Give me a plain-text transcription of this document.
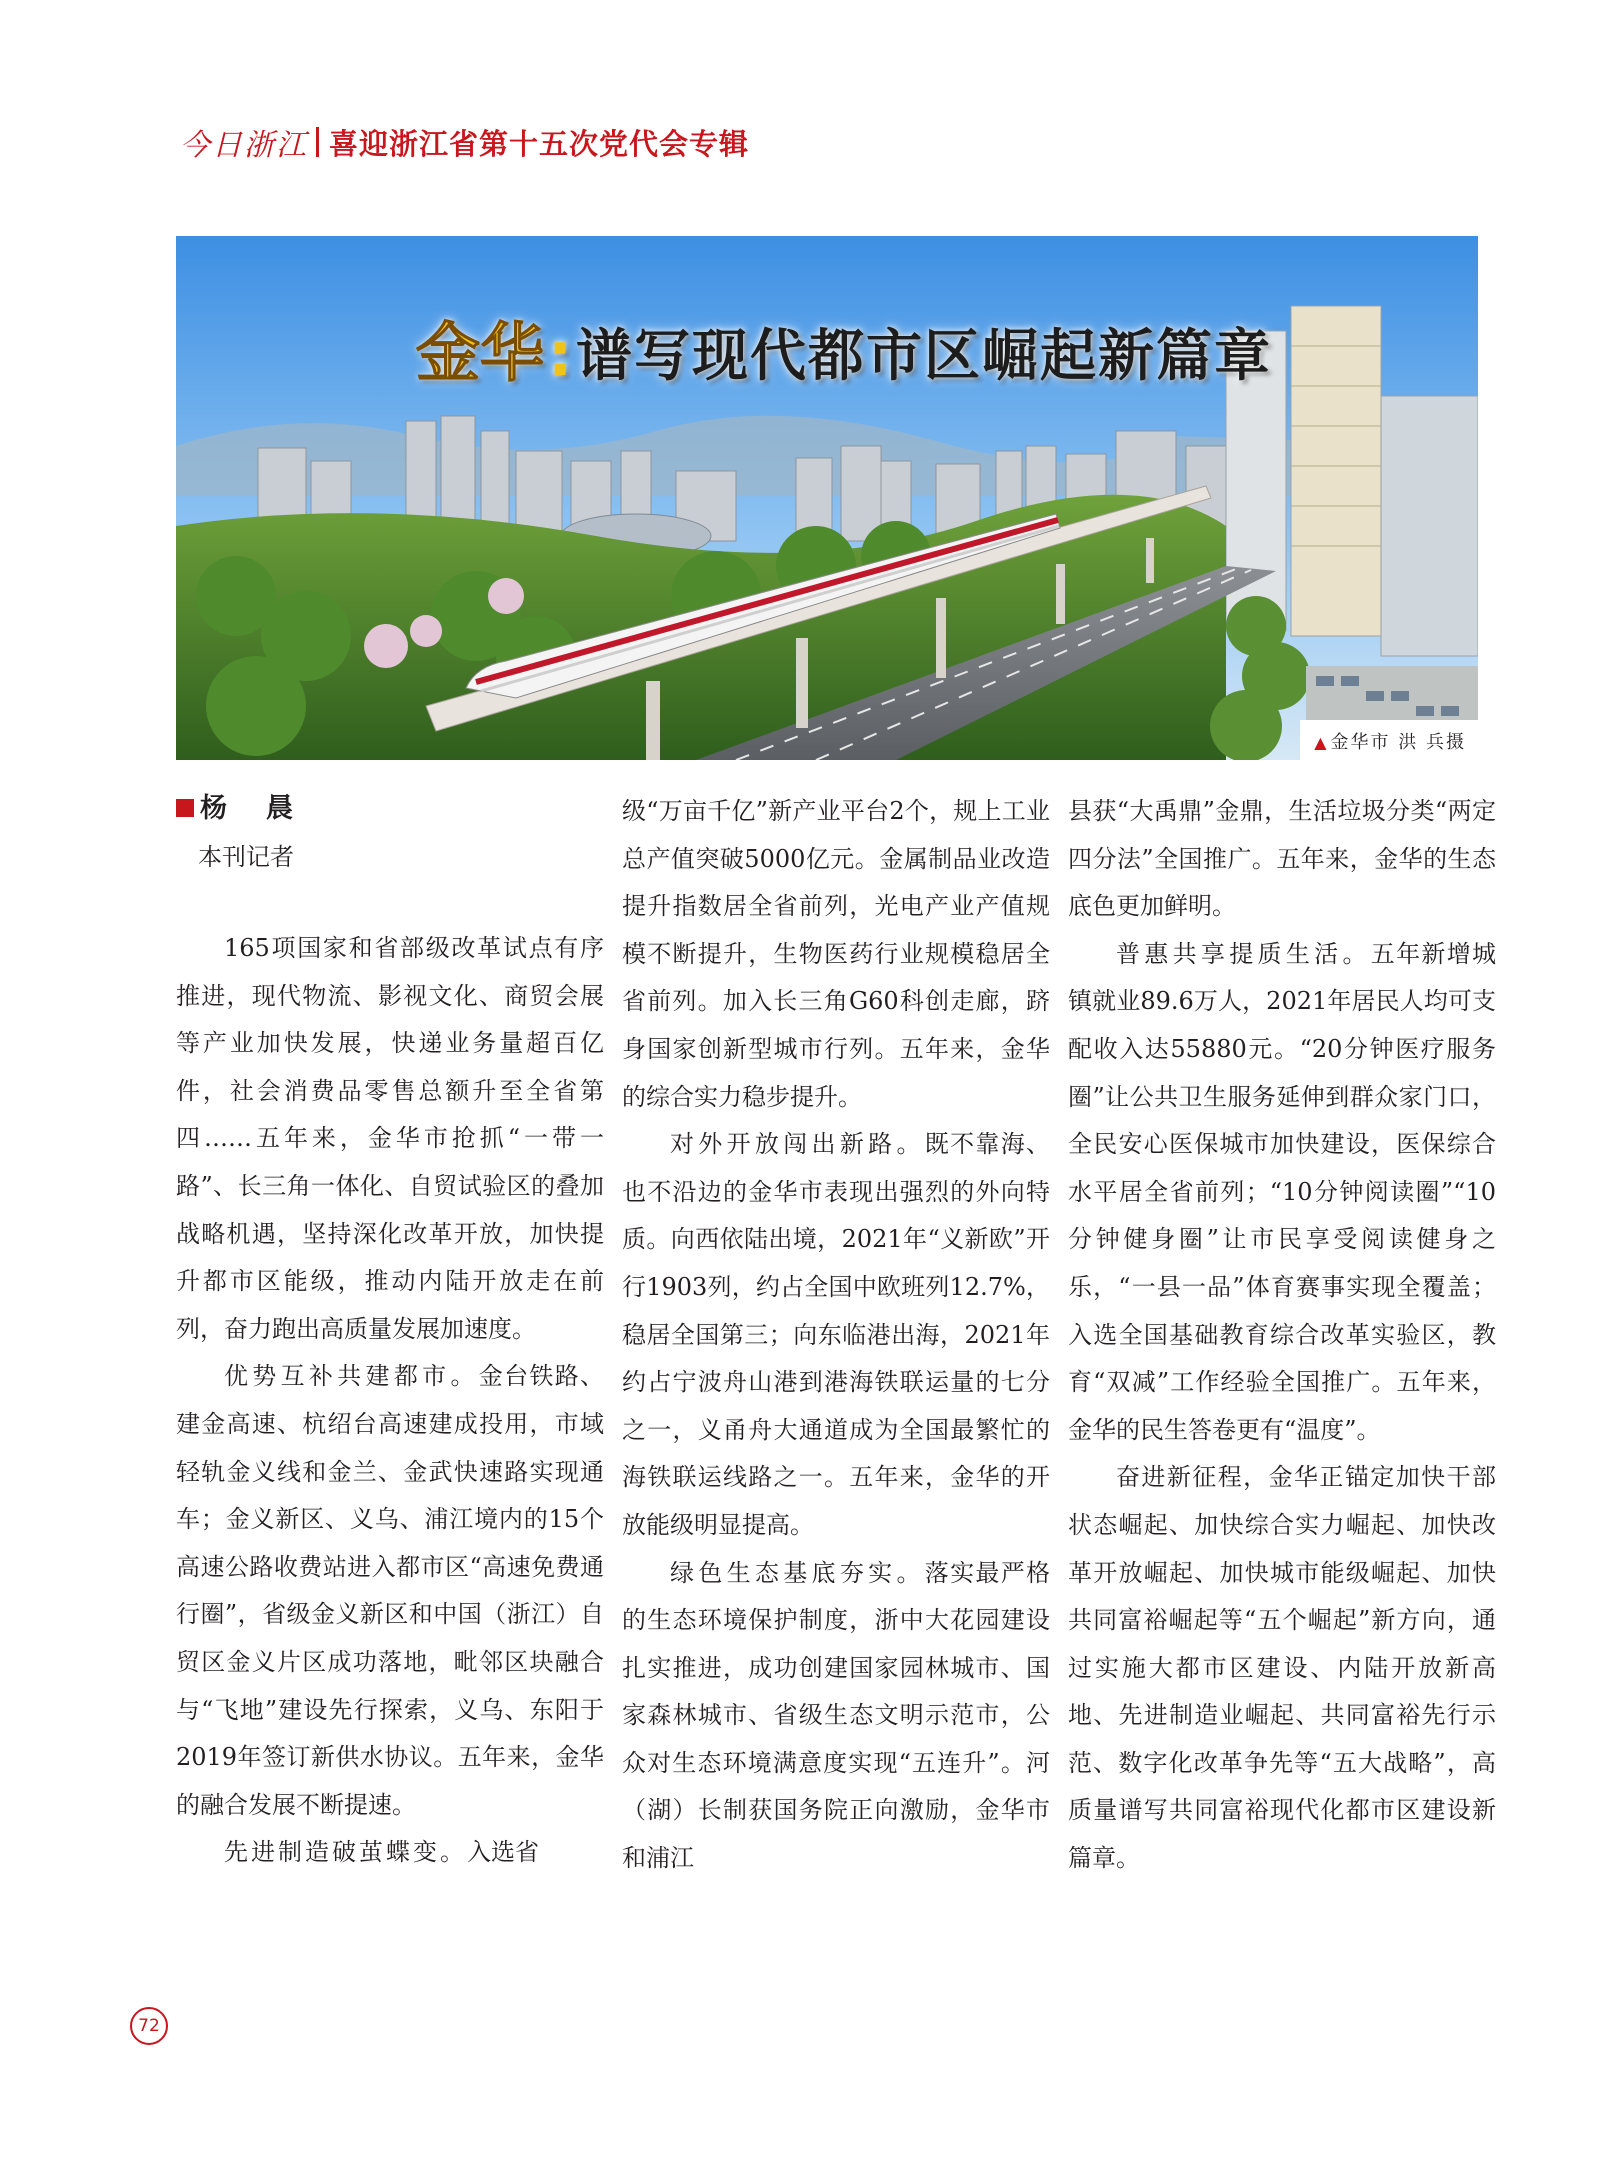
今日浙江 喜迎浙江省第十五次党代会专辑
金华:谱写现代都市区崛起新篇章
▲ 金华市 洪 兵摄
杨　晨
本刊记者

165项国家和省部级改革试点有序推进，现代物流、影视文化、商贸会展等产业加快发展，快递业务量超百亿件，社会消费品零售总额升至全省第四……五年来，金华市抢抓“一带一路”、长三角一体化、自贸试验区的叠加战略机遇，坚持深化改革开放，加快提升都市区能级，推动内陆开放走在前列，奋力跑出高质量发展加速度。

优势互补共建都市。金台铁路、建金高速、杭绍台高速建成投用，市域轻轨金义线和金兰、金武快速路实现通车；金义新区、义乌、浦江境内的15个高速公路收费站进入都市区“高速免费通行圈”，省级金义新区和中国（浙江）自贸区金义片区成功落地，毗邻区块融合与“飞地”建设先行探索，义乌、东阳于2019年签订新供水协议。五年来，金华的融合发展不断提速。

先进制造破茧蝶变。入选省

级“万亩千亿”新产业平台2个，规上工业总产值突破5000亿元。金属制品业改造提升指数居全省前列，光电产业产值规模不断提升，生物医药行业规模稳居全省前列。加入长三角G60科创走廊，跻身国家创新型城市行列。五年来，金华的综合实力稳步提升。

对外开放闯出新路。既不靠海、也不沿边的金华市表现出强烈的外向特质。向西依陆出境，2021年“义新欧”开行1903列，约占全国中欧班列12.7%，稳居全国第三；向东临港出海，2021年约占宁波舟山港到港海铁联运量的七分之一，义甬舟大通道成为全国最繁忙的海铁联运线路之一。五年来，金华的开放能级明显提高。

绿色生态基底夯实。落实最严格的生态环境保护制度，浙中大花园建设扎实推进，成功创建国家园林城市、国家森林城市、省级生态文明示范市，公众对生态环境满意度实现“五连升”。河（湖）长制获国务院正向激励，金华市和浦江

县获“大禹鼎”金鼎，生活垃圾分类“两定四分法”全国推广。五年来，金华的生态底色更加鲜明。

普惠共享提质生活。五年新增城镇就业89.6万人，2021年居民人均可支配收入达55880元。“20分钟医疗服务圈”让公共卫生服务延伸到群众家门口，全民安心医保城市加快建设，医保综合水平居全省前列；“10分钟阅读圈”“10分钟健身圈”让市民享受阅读健身之乐，“一县一品”体育赛事实现全覆盖；入选全国基础教育综合改革实验区，教育“双减”工作经验全国推广。五年来，金华的民生答卷更有“温度”。

奋进新征程，金华正锚定加快干部状态崛起、加快综合实力崛起、加快改革开放崛起、加快城市能级崛起、加快共同富裕崛起等“五个崛起”新方向，通过实施大都市区建设、内陆开放新高地、先进制造业崛起、共同富裕先行示范、数字化改革争先等“五大战略”，高质量谱写共同富裕现代化都市区建设新篇章。

72
